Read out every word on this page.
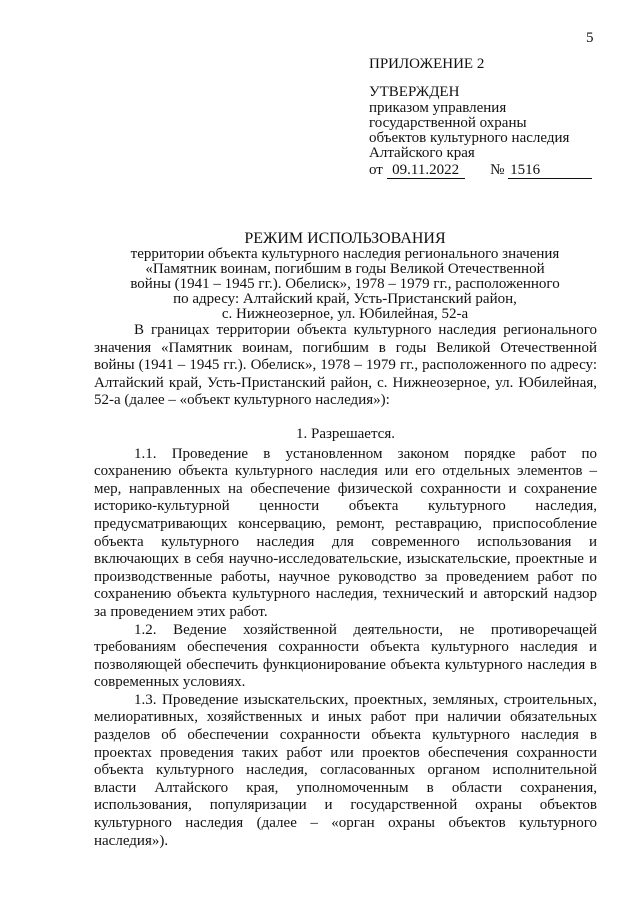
5
ПРИЛОЖЕНИЕ 2
УТВЕРЖДЕН
приказом управления
государственной охраны
объектов культурного наследия
Алтайского края
от 09.11.2022 № 1516
РЕЖИМ ИСПОЛЬЗОВАНИЯ
территории объекта культурного наследия регионального значения
«Памятник воинам, погибшим в годы Великой Отечественной
войны (1941 – 1945 гг.). Обелиск», 1978 – 1979 гг., расположенного
по адресу: Алтайский край, Усть-Пристанский район,
с. Нижнеозерное, ул. Юбилейная, 52-а

В границах территории объекта культурного наследия регионального значения «Памятник воинам, погибшим в годы Великой Отечественной войны (1941 – 1945 гг.). Обелиск», 1978 – 1979 гг., расположенного по адресу: Алтайский край, Усть-Пристанский район, с. Нижнеозерное, ул. Юбилейная, 52-а (далее – «объект культурного наследия»):

1. Разрешается.

1.1. Проведение в установленном законом порядке работ по сохранению объекта культурного наследия или его отдельных элементов – мер, направленных на обеспечение физической сохранности и сохранение историко-культурной ценности объекта культурного наследия, предусматривающих консервацию, ремонт, реставрацию, приспособление объекта культурного наследия для современного использования и включающих в себя научно-исследовательские, изыскательские, проектные и производственные работы, научное руководство за проведением работ по сохранению объекта культурного наследия, технический и авторский надзор за проведением этих работ.

1.2. Ведение хозяйственной деятельности, не противоречащей требованиям обеспечения сохранности объекта культурного наследия и позволяющей обеспечить функционирование объекта культурного наследия в современных условиях.

1.3. Проведение изыскательских, проектных, земляных, строительных, мелиоративных, хозяйственных и иных работ при наличии обязательных разделов об обеспечении сохранности объекта культурного наследия в проектах проведения таких работ или проектов обеспечения сохранности объекта культурного наследия, согласованных органом исполнительной власти Алтайского края, уполномоченным в области сохранения, использования, популяризации и государственной охраны объектов культурного наследия (далее – «орган охраны объектов культурного наследия»).
